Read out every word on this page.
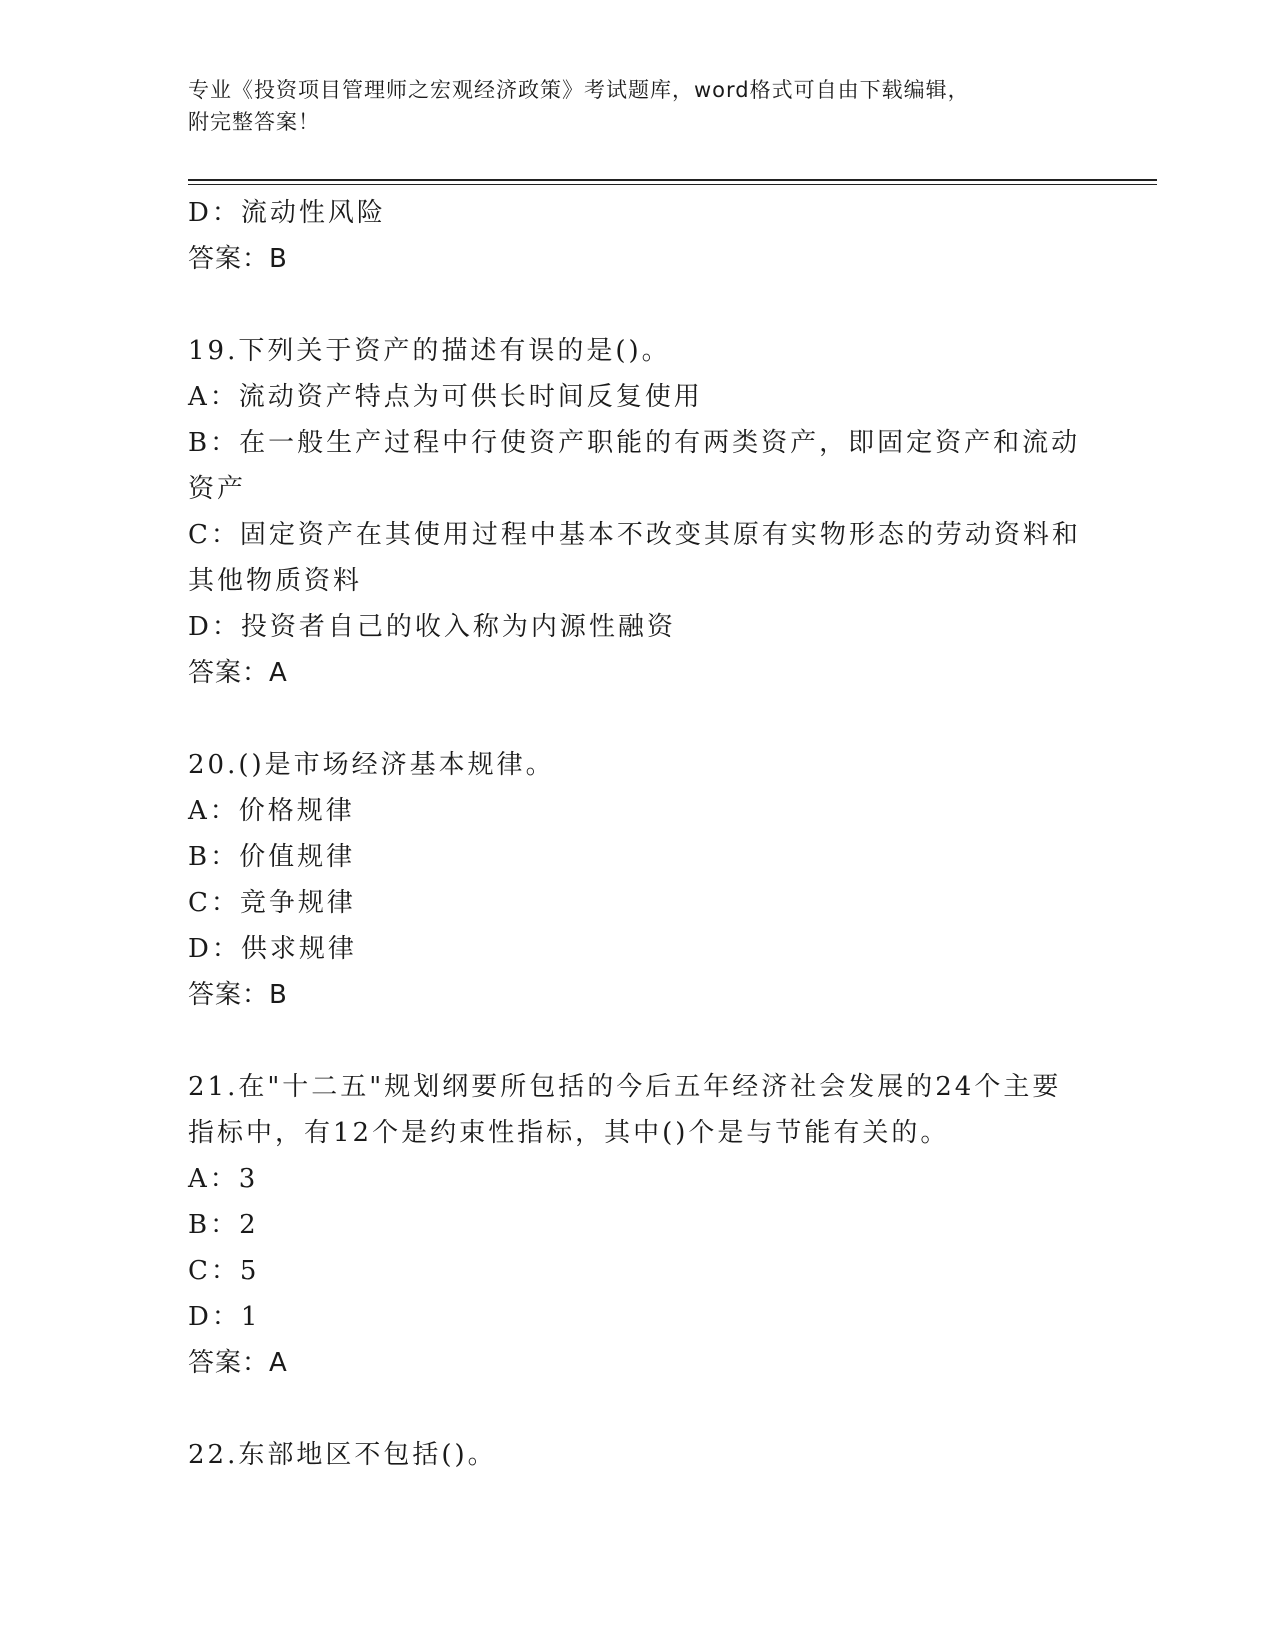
专业《投资项目管理师之宏观经济政策》考试题库，word格式可自由下载编辑，
附完整答案！
D：流动性风险
答案：B
19.下列关于资产的描述有误的是()。
A：流动资产特点为可供长时间反复使用
B：在一般生产过程中行使资产职能的有两类资产，即固定资产和流动
资产
C：固定资产在其使用过程中基本不改变其原有实物形态的劳动资料和
其他物质资料
D：投资者自己的收入称为内源性融资
答案：A
20.()是市场经济基本规律。
A：价格规律
B：价值规律
C：竞争规律
D：供求规律
答案：B
21.在"十二五"规划纲要所包括的今后五年经济社会发展的24个主要
指标中，有12个是约束性指标，其中()个是与节能有关的。
A：3
B：2
C：5
D：1
答案：A
22.东部地区不包括()。
